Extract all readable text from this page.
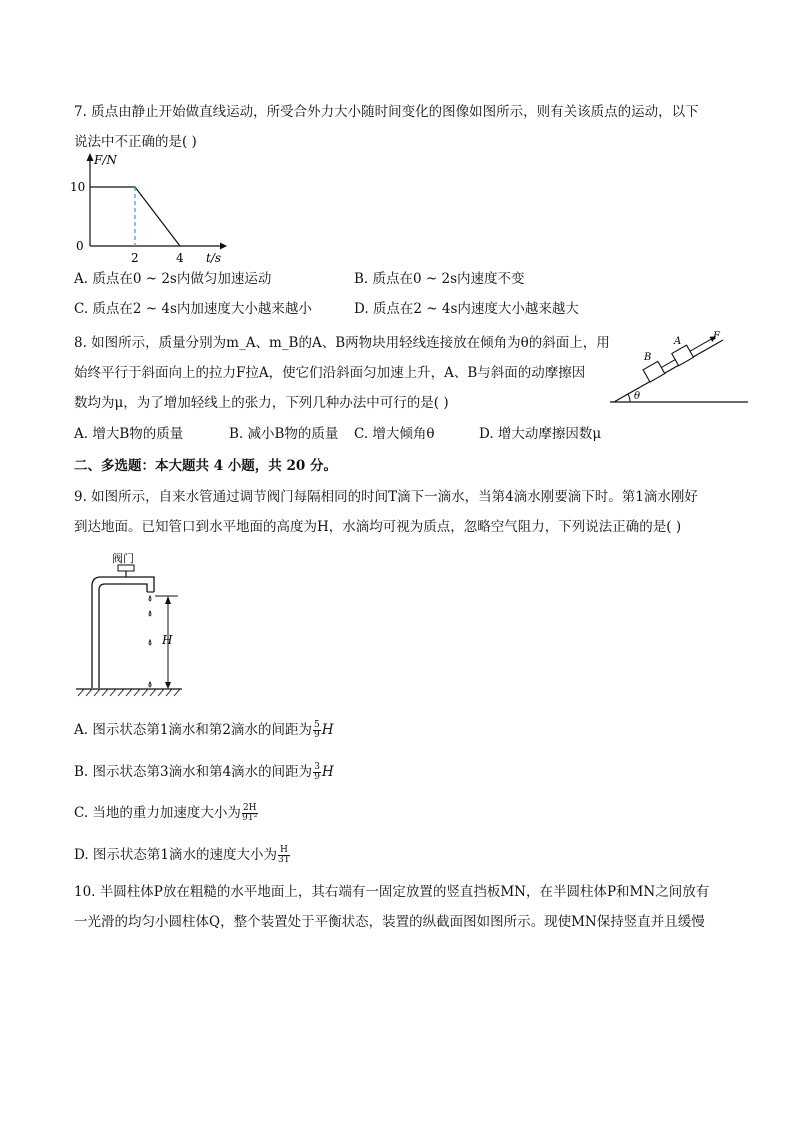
7. 质点由静止开始做直线运动，所受合外力大小随时间变化的图像如图所示，则有关该质点的运动，以下
说法中不正确的是( )
F/N
10
0
2	4 t/s
A. 质点在0 ~ 2s内做匀加速运动	B. 质点在0 ~ 2s内速度不变
C. 质点在2 ~ 4s内加速度大小越来越小	D. 质点在2 ~ 4s内速度大小越来越大
8. 如图所示，质量分别为m_A、m_B的A、B两物块用轻线连接放在倾角为θ的斜面上，用
始终平行于斜面向上的拉力F拉A，使它们沿斜面匀加速上升，A、B与斜面的动摩擦因
数均为μ，为了增加轻线上的张力，下列几种办法中可行的是( )	θ
B
A	F
A. 增大B物的质量	B. 减小B物的质量 C. 增大倾角θ	D. 增大动摩擦因数μ
二、多选题：本大题共 4 小题，共 20 分。
9. 如图所示，自来水管通过调节阀门每隔相同的时间T滴下一滴水，当第4滴水刚要滴下时。第1滴水刚好
到达地面。已知管口到水平地面的高度为H，水滴均可视为质点，忽略空气阻力，下列说法正确的是( )
阀门
H
A. 图示状态第1滴水和第2滴水的间距为 $\frac{5}{9}$ H
B. 图示状态第3滴水和第4滴水的间距为 $\frac{3}{9}$ H
C. 当地的重力加速度大小为 $\frac{2H}{\text{9T²}}$
D. 图示状态第1滴水的速度大小为 $\frac{H}{3T}$
10. 半圆柱体P放在粗糙的水平地面上，其右端有一固定放置的竖直挡板MN，在半圆柱体P和MN之间放有
一光滑的均匀小圆柱体Q，整个装置处于平衡状态，装置的纵截面图如图所示。现使MN保持竖直并且缓慢
